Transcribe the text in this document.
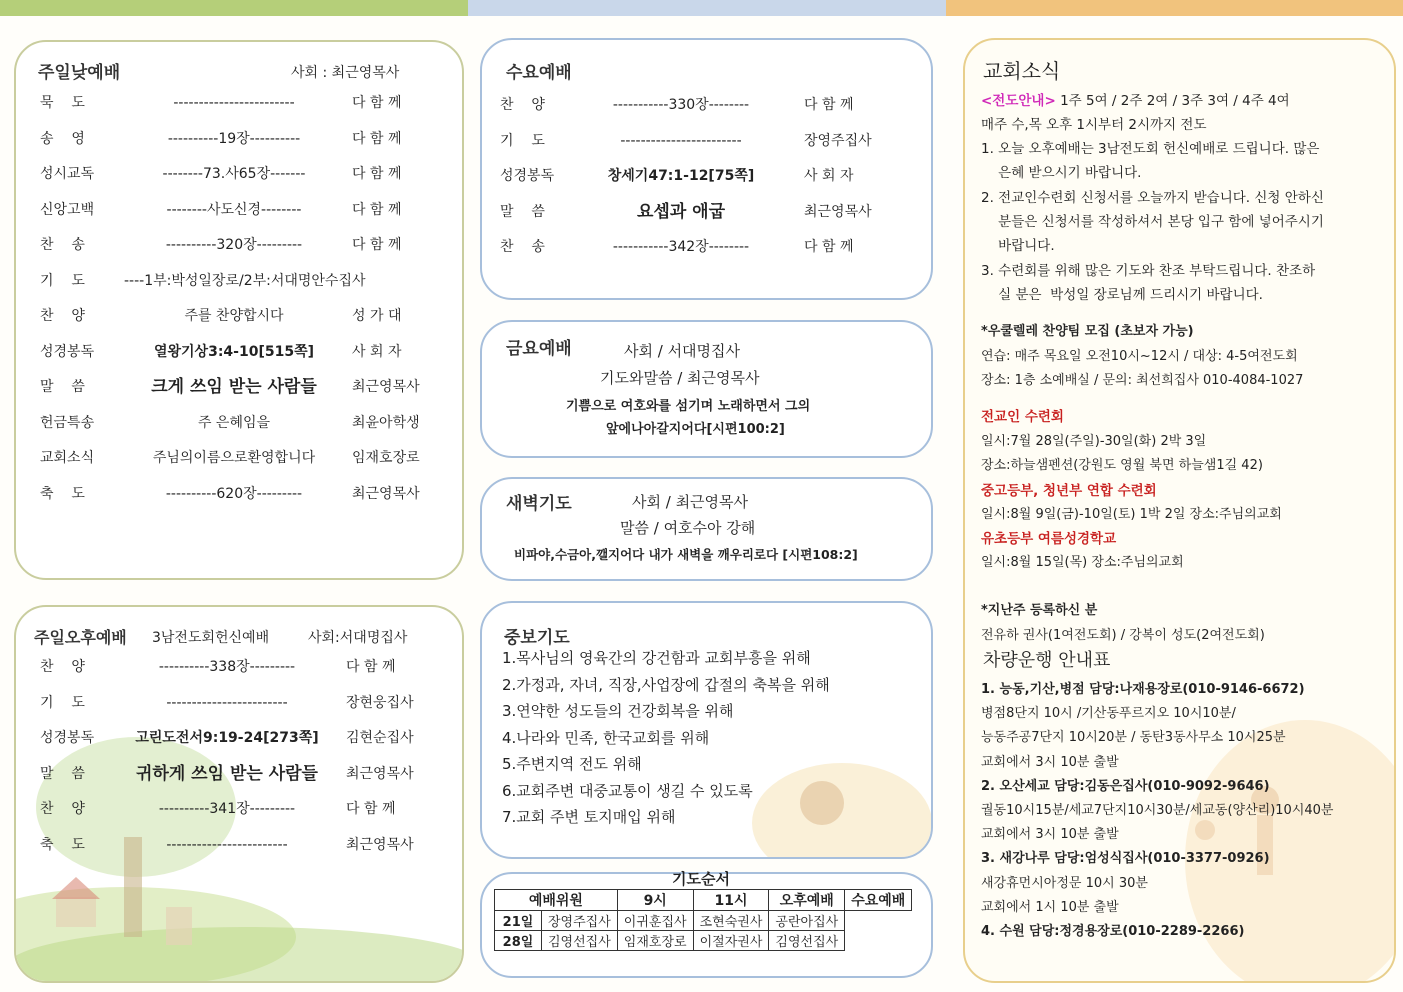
주일낮예배	사회 : 최근영목사
묵    도	------------------------	다 함 께
송    영	----------19장----------	다 함 께
성시교독	--------73.사65장-------	다 함 께
신앙고백	--------사도신경--------	다 함 께
찬    송	----------320장---------	다 함 께
기    도	----1부:박성일장로/2부:서대명안수집사
찬    양	주를 찬양합시다	성 가 대
성경봉독	열왕기상3:4-10[515쪽]	사 회 자
말    씀	크게 쓰임 받는 사람들	최근영목사
헌금특송	주 은혜임을	최윤아학생
교회소식	주님의이름으로환영합니다	임재호장로
축    도	----------620장---------	최근영목사
주일오후예배 3남전도회헌신예배	사회:서대명집사
찬    양	----------338장---------	다 함 께
기    도	------------------------	장현웅집사
성경봉독	고린도전서9:19-24[273쪽]	김현순집사
말    씀	귀하게 쓰임 받는 사람들	최근영목사
찬    양	----------341장---------	다 함 께
축    도	------------------------	최근영목사
수요예배
찬    양	-----------330장--------	다 함 께
기    도	------------------------	장영주집사
성경봉독	창세기47:1-12[75쪽]	사 회 자
말    씀	요셉과 애굽	최근영목사
찬    송	-----------342장--------	다 함 께
금요예배	사회 / 서대명집사
기도와말씀 / 최근영목사
기쁨으로 여호와를 섬기며 노래하면서 그의
앞에나아갈지어다[시편100:2]
새벽기도	사회 / 최근영목사
말씀 / 여호수아 강해
비파야,수금아,깰지어다 내가 새벽을 깨우리로다 [시편108:2]
중보기도
1.목사님의 영육간의 강건함과 교회부흥을 위해
2.가정과, 자녀, 직장,사업장에 갑절의 축복을 위해
3.연약한 성도들의 건강회복을 위해
4.나라와 민족, 한국교회를 위해
5.주변지역 전도 위해
6.교회주변 대중교통이 생길 수 있도록
7.교회 주변 토지매입 위해
기도순서
예배위원		9시	11시	오후예배	수요예배
21일	장영주집사	이귀훈집사	조현숙권사	공란아집사	
28일	김영선집사	임재호장로	이절자권사	김영선집사	
교회소식
<전도안내> 1주 5여 / 2주 2여 / 3주 3여 / 4주 4여
매주 수,목 오후 1시부터 2시까지 전도
1. 오늘 오후예배는 3남전도회 헌신예배로 드립니다. 많은
은혜 받으시기 바랍니다.
2. 전교인수련회 신청서를 오늘까지 받습니다. 신청 안하신
분들은 신청서를 작성하셔서 본당 입구 함에 넣어주시기
바랍니다.
3. 수련회를 위해 많은 기도와 찬조 부탁드립니다. 찬조하
실 분은  박성일 장로님께 드리시기 바랍니다.
*우쿨렐레 찬양팀 모집 (초보자 가능)
연습: 매주 목요일 오전10시~12시 / 대상: 4-5여전도회
장소: 1층 소예배실 / 문의: 최선희집사 010-4084-1027
전교인 수련회
일시:7월 28일(주일)-30일(화) 2박 3일
장소:하늘샘펜션(강원도 영월 북면 하늘샘1길 42)
중고등부, 청년부 연합 수련회
일시:8월 9일(금)-10일(토) 1박 2일 장소:주님의교회
유초등부 여름성경학교
일시:8월 15일(목) 장소:주님의교회
*지난주 등록하신 분
전유하 권사(1여전도회) / 강복이 성도(2여전도회)
차량운행 안내표
1. 능동,기산,병점 담당:나재용장로(010-9146-6672)
병점8단지 10시 /기산동푸르지오 10시10분/
능동주공7단지 10시20분 / 동탄3동사무소 10시25분
교회에서 3시 10분 출발
2. 오산세교 담당:김동은집사(010-9092-9646)
궐동10시15분/세교7단지10시30분/세교동(양산리)10시40분
교회에서 3시 10분 출발
3. 새강나루 담당:엄성식집사(010-3377-0926)
새강휴먼시아정문 10시 30분
교회에서 1시 10분 출발
4. 수원 담당:정경용장로(010-2289-2266)
